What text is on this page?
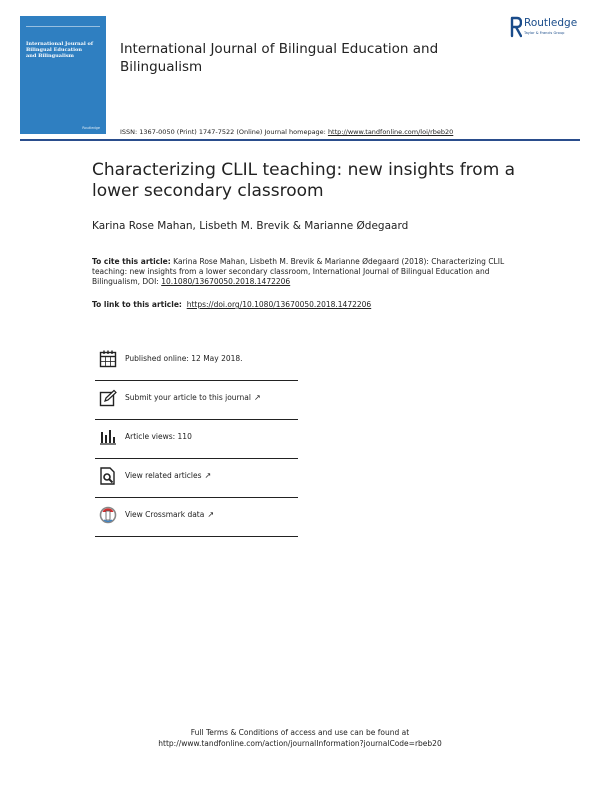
International Journal of
Bilingual Education
and Bilingualism
Routledge
International Journal of Bilingual Education and Bilingualism
Routledge
Taylor & Francis Group
ISSN: 1367-0050 (Print) 1747-7522 (Online) Journal homepage: http://www.tandfonline.com/loi/rbeb20
Characterizing CLIL teaching: new insights from a lower secondary classroom
Karina Rose Mahan, Lisbeth M. Brevik & Marianne Ødegaard
To cite this article: Karina Rose Mahan, Lisbeth M. Brevik & Marianne Ødegaard (2018): Characterizing CLIL teaching: new insights from a lower secondary classroom, International Journal of Bilingual Education and Bilingualism, DOI: 10.1080/13670050.2018.1472206
To link to this article: https://doi.org/10.1080/13670050.2018.1472206
Published online: 12 May 2018.
Submit your article to this journal ↗
Article views: 110
View related articles ↗
View Crossmark data ↗
Full Terms & Conditions of access and use can be found at
http://www.tandfonline.com/action/journalInformation?journalCode=rbeb20
